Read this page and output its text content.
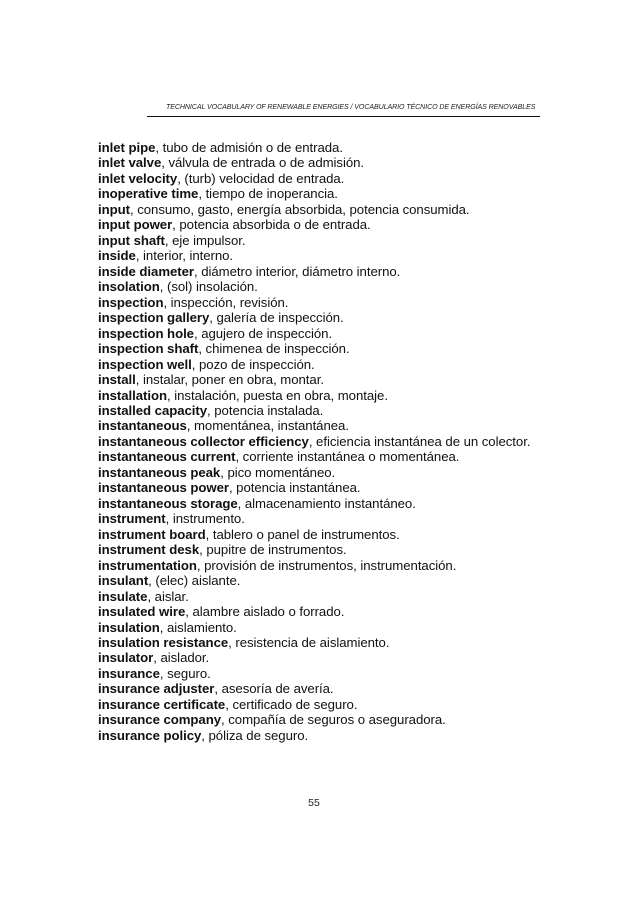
TECHNICAL VOCABULARY OF RENEWABLE ENERGIES / VOCABULARIO TÉCNICO DE ENERGÍAS RENOVABLES
inlet pipe, tubo de admisión o de entrada.
inlet valve, válvula de entrada o de admisión.
inlet velocity, (turb) velocidad de entrada.
inoperative time, tiempo de inoperancia.
input, consumo, gasto, energía absorbida, potencia consumida.
input power, potencia absorbida o de entrada.
input shaft, eje impulsor.
inside, interior, interno.
inside diameter, diámetro interior, diámetro interno.
insolation, (sol) insolación.
inspection, inspección, revisión.
inspection gallery, galería de inspección.
inspection hole, agujero de inspección.
inspection shaft, chimenea de inspección.
inspection well, pozo de inspección.
install, instalar, poner en obra, montar.
installation, instalación, puesta en obra, montaje.
installed capacity, potencia instalada.
instantaneous, momentánea, instantánea.
instantaneous collector efficiency, eficiencia instantánea de un colector.
instantaneous current, corriente instantánea o momentánea.
instantaneous peak, pico momentáneo.
instantaneous power, potencia instantánea.
instantaneous storage, almacenamiento instantáneo.
instrument, instrumento.
instrument board, tablero o panel de instrumentos.
instrument desk, pupitre de instrumentos.
instrumentation, provisión de instrumentos, instrumentación.
insulant, (elec) aislante.
insulate, aislar.
insulated wire, alambre aislado o forrado.
insulation, aislamiento.
insulation resistance, resistencia de aislamiento.
insulator, aislador.
insurance, seguro.
insurance adjuster, asesoría de avería.
insurance certificate, certificado de seguro.
insurance company, compañía de seguros o aseguradora.
insurance policy, póliza de seguro.
55
